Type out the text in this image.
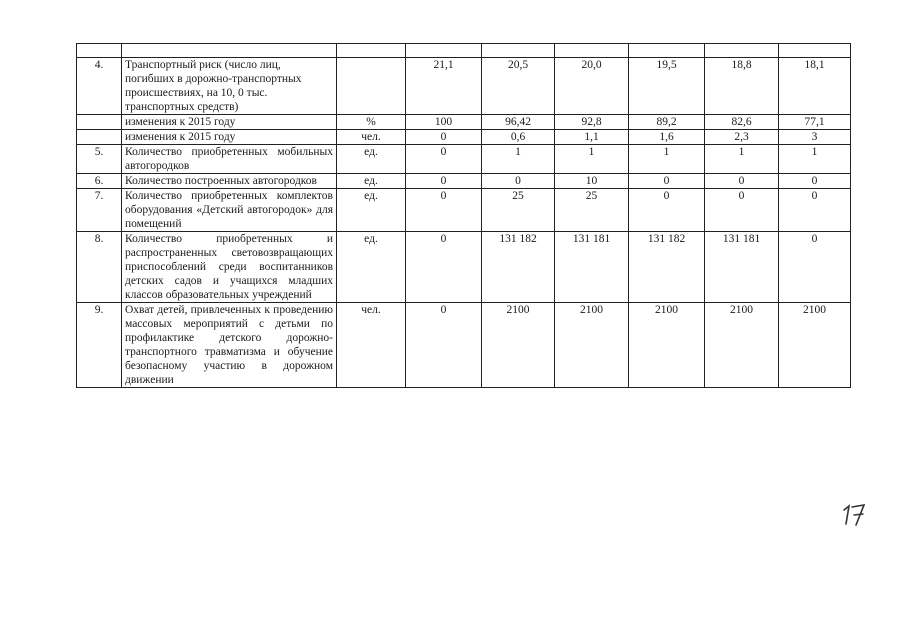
4.	Транспортный риск (число лиц, погибших в дорожно-транспортных происшествиях, на 10, 0 тыс. транспортных средств)		21,1	20,5	20,0	19,5	18,8	18,1
	изменения к 2015 году	%	100	96,42	92,8	89,2	82,6	77,1
	изменения к 2015 году	чел.	0	0,6	1,1	1,6	2,3	3
5.	Количество приобретенных мобильных автогородков	ед.	0	1	1	1	1	1
6.	Количество построенных автогородков	ед.	0	0	10	0	0	0
7.	Количество приобретенных комплектов оборудования «Детский автогородок» для помещений	ед.	0	25	25	0	0	0
8.	Количество приобретенных и распространенных световозвращающих приспособлений среди воспитанников детских садов и учащихся младших классов образовательных учреждений	ед.	0	131 182	131 181	131 182	131 181	0
9.	Охват детей, привлеченных к проведению массовых мероприятий с детьми по профилактике детского дорожно-транспортного травматизма и обучение безопасному участию в дорожном движении	чел.	0	2100	2100	2100	2100	2100
